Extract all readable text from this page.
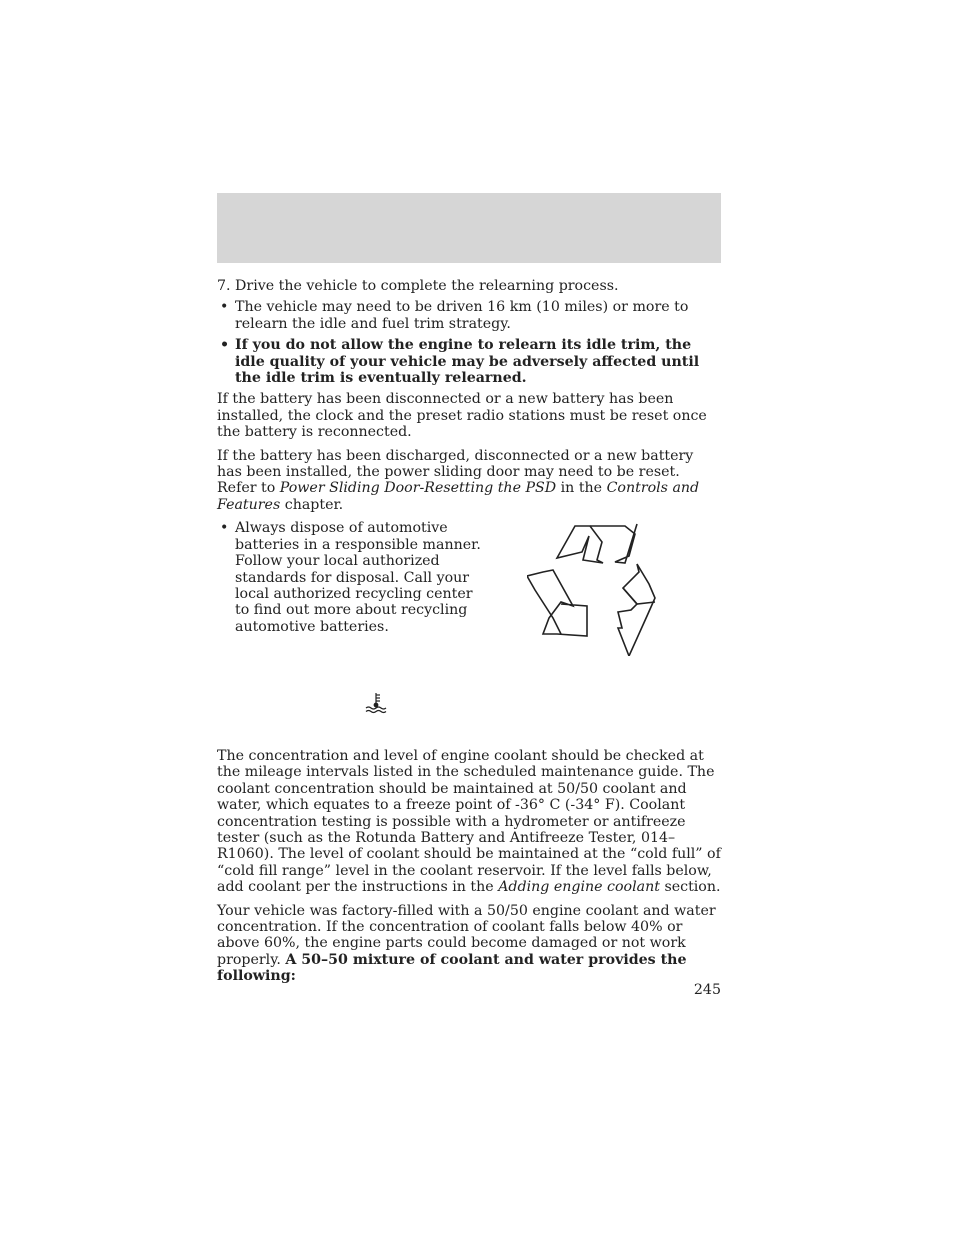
7. Drive the vehicle to complete the relearning process.

• The vehicle may need to be driven 16 km (10 miles) or more to relearn the idle and fuel trim strategy.
• If you do not allow the engine to relearn its idle trim, the idle quality of your vehicle may be adversely affected until the idle trim is eventually relearned.

If the battery has been disconnected or a new battery has been installed, the clock and the preset radio stations must be reset once the battery is reconnected.

If the battery has been discharged, disconnected or a new battery has been installed, the power sliding door may need to be reset. Refer to Power Sliding Door-Resetting the PSD in the Controls and Features chapter.

• Always dispose of automotive batteries in a responsible manner. Follow your local authorized standards for disposal. Call your local authorized recycling center to find out more about recycling automotive batteries.

The concentration and level of engine coolant should be checked at the mileage intervals listed in the scheduled maintenance guide. The coolant concentration should be maintained at 50/50 coolant and water, which equates to a freeze point of -36° C (-34° F). Coolant concentration testing is possible with a hydrometer or antifreeze tester (such as the Rotunda Battery and Antifreeze Tester, 014–R1060). The level of coolant should be maintained at the “cold full” of “cold fill range” level in the coolant reservoir. If the level falls below, add coolant per the instructions in the Adding engine coolant section.

Your vehicle was factory-filled with a 50/50 engine coolant and water concentration. If the concentration of coolant falls below 40% or above 60%, the engine parts could become damaged or not work properly. A 50–50 mixture of coolant and water provides the following:

245
